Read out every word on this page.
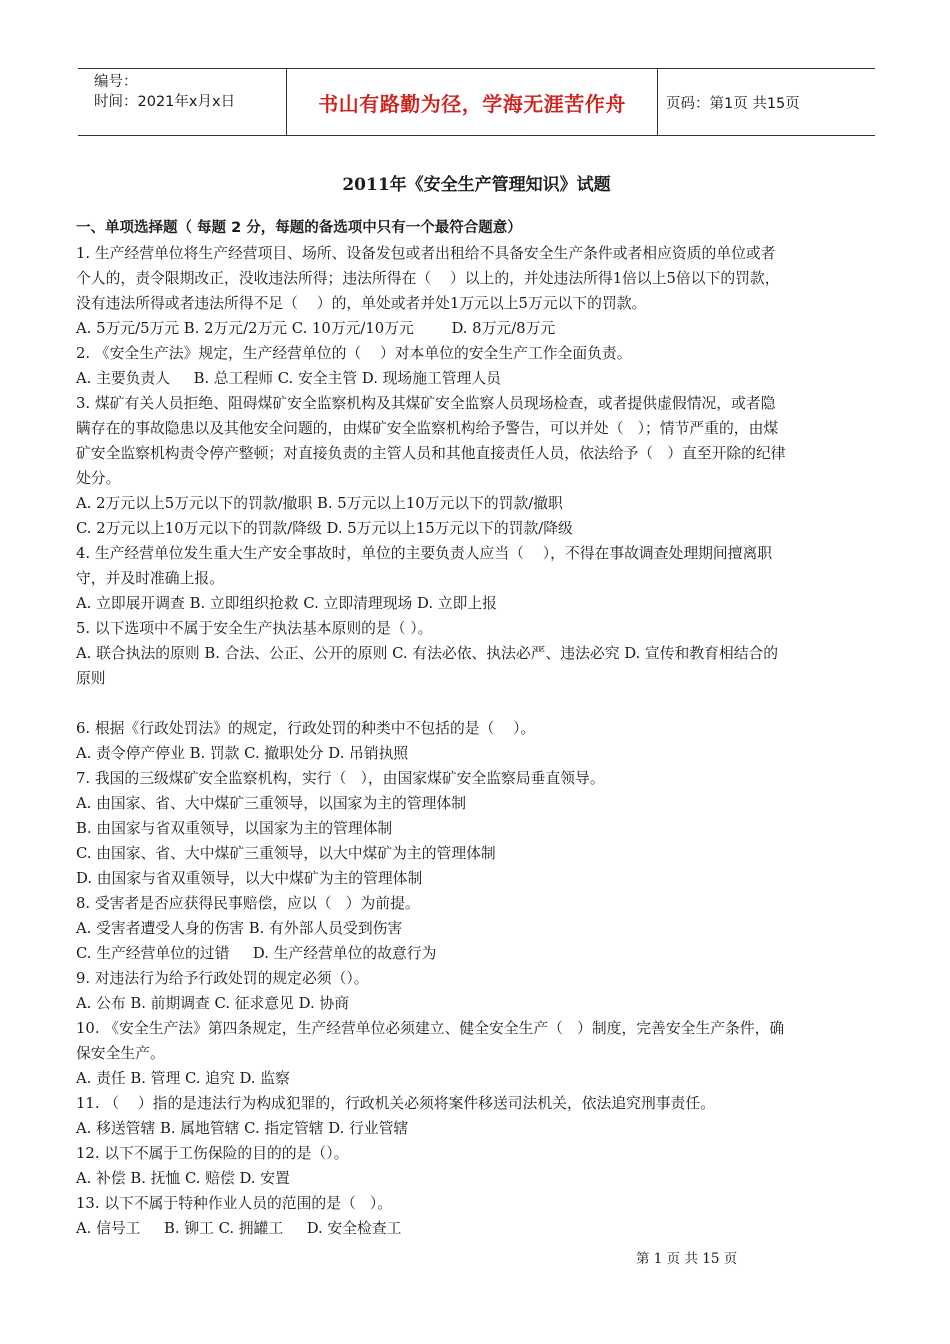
编号：
时间：2021年x月x日	书山有路勤为径，学海无涯苦作舟	页码：第1页 共15页
2011年《安全生产管理知识》试题
一、单项选择题（ 每题 2 分，每题的备选项中只有一个最符合题意）
1. 生产经营单位将生产经营项目、场所、设备发包或者出租给不具备安全生产条件或者相应资质的单位或者
个人的，责令限期改正，没收违法所得；违法所得在（    ）以上的，并处违法所得1倍以上5倍以下的罚款，
没有违法所得或者违法所得不足（    ）的，单处或者并处1万元以上5万元以下的罚款。
A. 5万元/5万元 B. 2万元/2万元 C. 10万元/10万元        D. 8万元/8万元
2. 《安全生产法》规定，生产经营单位的（    ）对本单位的安全生产工作全面负责。
A. 主要负责人     B. 总工程师 C. 安全主管 D. 现场施工管理人员
3. 煤矿有关人员拒绝、阻碍煤矿安全监察机构及其煤矿安全监察人员现场检查，或者提供虚假情况，或者隐
瞒存在的事故隐患以及其他安全问题的，由煤矿安全监察机构给予警告，可以并处（   ）；情节严重的，由煤
矿安全监察机构责令停产整顿；对直接负责的主管人员和其他直接责任人员，依法给予（   ）直至开除的纪律
处分。
A. 2万元以上5万元以下的罚款/撤职 B. 5万元以上10万元以下的罚款/撤职
C. 2万元以上10万元以下的罚款/降级 D. 5万元以上15万元以下的罚款/降级
4. 生产经营单位发生重大生产安全事故时，单位的主要负责人应当（    ），不得在事故调查处理期间擅离职
守，并及时准确上报。
A. 立即展开调查 B. 立即组织抢救 C. 立即清理现场 D. 立即上报
5. 以下选项中不属于安全生产执法基本原则的是（ ）。
A. 联合执法的原则 B. 合法、公正、公开的原则 C. 有法必依、执法必严、违法必究 D. 宣传和教育相结合的
原则
6. 根据《行政处罚法》的规定，行政处罚的种类中不包括的是（    ）。
A. 责令停产停业 B. 罚款 C. 撤职处分 D. 吊销执照
7. 我国的三级煤矿安全监察机构，实行（   ），由国家煤矿安全监察局垂直领导。
A. 由国家、省、大中煤矿三重领导，以国家为主的管理体制
B. 由国家与省双重领导，以国家为主的管理体制
C. 由国家、省、大中煤矿三重领导，以大中煤矿为主的管理体制
D. 由国家与省双重领导，以大中煤矿为主的管理体制
8. 受害者是否应获得民事赔偿，应以（   ）为前提。
A. 受害者遭受人身的伤害 B. 有外部人员受到伤害
C. 生产经营单位的过错     D. 生产经营单位的故意行为
9. 对违法行为给予行政处罚的规定必须（）。
A. 公布 B. 前期调查 C. 征求意见 D. 协商
10. 《安全生产法》第四条规定，生产经营单位必须建立、健全安全生产（   ）制度，完善安全生产条件，确
保安全生产。
A. 责任 B. 管理 C. 追究 D. 监察
11. （    ）指的是违法行为构成犯罪的，行政机关必须将案件移送司法机关，依法追究刑事责任。
A. 移送管辖 B. 属地管辖 C. 指定管辖 D. 行业管辖
12. 以下不属于工伤保险的目的的是（）。
A. 补偿 B. 抚恤 C. 赔偿 D. 安置
13. 以下不属于特种作业人员的范围的是（   ）。
A. 信号工     B. 铆工 C. 拥罐工     D. 安全检查工
第 1 页 共 15 页
